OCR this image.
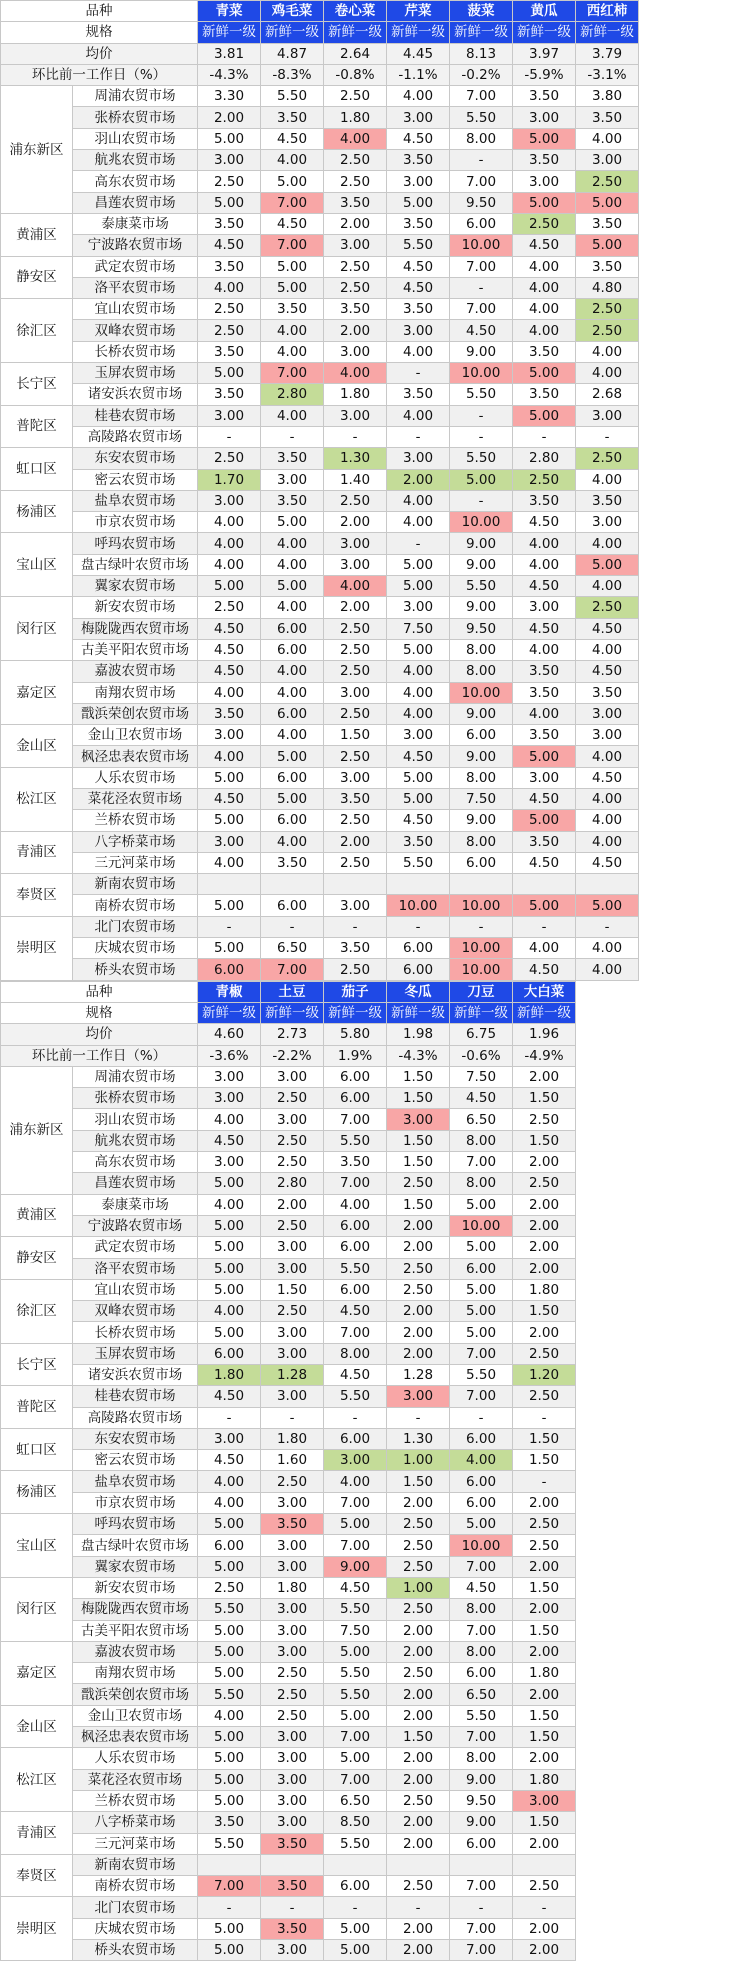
品种		青菜	鸡毛菜	卷心菜	芹菜	菠菜	黄瓜	西红柿
规格		新鲜一级	新鲜一级	新鲜一级	新鲜一级	新鲜一级	新鲜一级	新鲜一级
均价		3.81	4.87	2.64	4.45	8.13	3.97	3.79
环比前一工作日（%）		-4.3%	-8.3%	-0.8%	-1.1%	-0.2%	-5.9%	-3.1%
浦东新区	周浦农贸市场	3.30	5.50	2.50	4.00	7.00	3.50	3.80
	张桥农贸市场	2.00	3.50	1.80	3.00	5.50	3.00	3.50
	羽山农贸市场	5.00	4.50	4.00	4.50	8.00	5.00	4.00
	航兆农贸市场	3.00	4.00	2.50	3.50	-	3.50	3.00
	高东农贸市场	2.50	5.00	2.50	3.00	7.00	3.00	2.50
	昌莲农贸市场	5.00	7.00	3.50	5.00	9.50	5.00	5.00
黄浦区	泰康菜市场	3.50	4.50	2.00	3.50	6.00	2.50	3.50
	宁波路农贸市场	4.50	7.00	3.00	5.50	10.00	4.50	5.00
静安区	武定农贸市场	3.50	5.00	2.50	4.50	7.00	4.00	3.50
	洛平农贸市场	4.00	5.00	2.50	4.50	-	4.00	4.80
徐汇区	宜山农贸市场	2.50	3.50	3.50	3.50	7.00	4.00	2.50
	双峰农贸市场	2.50	4.00	2.00	3.00	4.50	4.00	2.50
	长桥农贸市场	3.50	4.00	3.00	4.00	9.00	3.50	4.00
长宁区	玉屏农贸市场	5.00	7.00	4.00	-	10.00	5.00	4.00
	诸安浜农贸市场	3.50	2.80	1.80	3.50	5.50	3.50	2.68
普陀区	桂巷农贸市场	3.00	4.00	3.00	4.00	-	5.00	3.00
	高陵路农贸市场	-	-	-	-	-	-	-
虹口区	东安农贸市场	2.50	3.50	1.30	3.00	5.50	2.80	2.50
	密云农贸市场	1.70	3.00	1.40	2.00	5.00	2.50	4.00
杨浦区	盐阜农贸市场	3.00	3.50	2.50	4.00	-	3.50	3.50
	市京农贸市场	4.00	5.00	2.00	4.00	10.00	4.50	3.00
宝山区	呼玛农贸市场	4.00	4.00	3.00	-	9.00	4.00	4.00
	盘古绿叶农贸市场	4.00	4.00	3.00	5.00	9.00	4.00	5.00
	翼家农贸市场	5.00	5.00	4.00	5.00	5.50	4.50	4.00
闵行区	新安农贸市场	2.50	4.00	2.00	3.00	9.00	3.00	2.50
	梅陇陇西农贸市场	4.50	6.00	2.50	7.50	9.50	4.50	4.50
	古美平阳农贸市场	4.50	6.00	2.50	5.00	8.00	4.00	4.00
嘉定区	嘉波农贸市场	4.50	4.00	2.50	4.00	8.00	3.50	4.50
	南翔农贸市场	4.00	4.00	3.00	4.00	10.00	3.50	3.50
	戬浜荣创农贸市场	3.50	6.00	2.50	4.00	9.00	4.00	3.00
金山区	金山卫农贸市场	3.00	4.00	1.50	3.00	6.00	3.50	3.00
	枫泾忠表农贸市场	4.00	5.00	2.50	4.50	9.00	5.00	4.00
松江区	人乐农贸市场	5.00	6.00	3.00	5.00	8.00	3.00	4.50
	菜花泾农贸市场	4.50	5.00	3.50	5.00	7.50	4.50	4.00
	兰桥农贸市场	5.00	6.00	2.50	4.50	9.00	5.00	4.00
青浦区	八字桥菜市场	3.00	4.00	2.00	3.50	8.00	3.50	4.00
	三元河菜市场	4.00	3.50	2.50	5.50	6.00	4.50	4.50
奉贤区	新南农贸市场							
	南桥农贸市场	5.00	6.00	3.00	10.00	10.00	5.00	5.00
崇明区	北门农贸市场	-	-	-	-	-	-	-
	庆城农贸市场	5.00	6.50	3.50	6.00	10.00	4.00	4.00
	桥头农贸市场	6.00	7.00	2.50	6.00	10.00	4.50	4.00
品种		青椒	土豆	茄子	冬瓜	刀豆	大白菜
规格		新鲜一级	新鲜一级	新鲜一级	新鲜一级	新鲜一级	新鲜一级
均价		4.60	2.73	5.80	1.98	6.75	1.96
环比前一工作日（%）		-3.6%	-2.2%	1.9%	-4.3%	-0.6%	-4.9%
浦东新区	周浦农贸市场	3.00	3.00	6.00	1.50	7.50	2.00
	张桥农贸市场	3.00	2.50	6.00	1.50	4.50	1.50
	羽山农贸市场	4.00	3.00	7.00	3.00	6.50	2.50
	航兆农贸市场	4.50	2.50	5.50	1.50	8.00	1.50
	高东农贸市场	3.00	2.50	3.50	1.50	7.00	2.00
	昌莲农贸市场	5.00	2.80	7.00	2.50	8.00	2.50
黄浦区	泰康菜市场	4.00	2.00	4.00	1.50	5.00	2.00
	宁波路农贸市场	5.00	2.50	6.00	2.00	10.00	2.00
静安区	武定农贸市场	5.00	3.00	6.00	2.00	5.00	2.00
	洛平农贸市场	5.00	3.00	5.50	2.50	6.00	2.00
徐汇区	宜山农贸市场	5.00	1.50	6.00	2.50	5.00	1.80
	双峰农贸市场	4.00	2.50	4.50	2.00	5.00	1.50
	长桥农贸市场	5.00	3.00	7.00	2.00	5.00	2.00
长宁区	玉屏农贸市场	6.00	3.00	8.00	2.00	7.00	2.50
	诸安浜农贸市场	1.80	1.28	4.50	1.28	5.50	1.20
普陀区	桂巷农贸市场	4.50	3.00	5.50	3.00	7.00	2.50
	高陵路农贸市场	-	-	-	-	-	-
虹口区	东安农贸市场	3.00	1.80	6.00	1.30	6.00	1.50
	密云农贸市场	4.50	1.60	3.00	1.00	4.00	1.50
杨浦区	盐阜农贸市场	4.00	2.50	4.00	1.50	6.00	-
	市京农贸市场	4.00	3.00	7.00	2.00	6.00	2.00
宝山区	呼玛农贸市场	5.00	3.50	5.00	2.50	5.00	2.50
	盘古绿叶农贸市场	6.00	3.00	7.00	2.50	10.00	2.50
	翼家农贸市场	5.00	3.00	9.00	2.50	7.00	2.00
闵行区	新安农贸市场	2.50	1.80	4.50	1.00	4.50	1.50
	梅陇陇西农贸市场	5.50	3.00	5.50	2.50	8.00	2.00
	古美平阳农贸市场	5.00	3.00	7.50	2.00	7.00	1.50
嘉定区	嘉波农贸市场	5.00	3.00	5.00	2.00	8.00	2.00
	南翔农贸市场	5.00	2.50	5.50	2.50	6.00	1.80
	戬浜荣创农贸市场	5.50	2.50	5.50	2.00	6.50	2.00
金山区	金山卫农贸市场	4.00	2.50	5.00	2.00	5.50	1.50
	枫泾忠表农贸市场	5.00	3.00	7.00	1.50	7.00	1.50
松江区	人乐农贸市场	5.00	3.00	5.00	2.00	8.00	2.00
	菜花泾农贸市场	5.00	3.00	7.00	2.00	9.00	1.80
	兰桥农贸市场	5.00	3.00	6.50	2.50	9.50	3.00
青浦区	八字桥菜市场	3.50	3.00	8.50	2.00	9.00	1.50
	三元河菜市场	5.50	3.50	5.50	2.00	6.00	2.00
奉贤区	新南农贸市场						
	南桥农贸市场	7.00	3.50	6.00	2.50	7.00	2.50
崇明区	北门农贸市场	-	-	-	-	-	-
	庆城农贸市场	5.00	3.50	5.00	2.00	7.00	2.00
	桥头农贸市场	5.00	3.00	5.00	2.00	7.00	2.00
